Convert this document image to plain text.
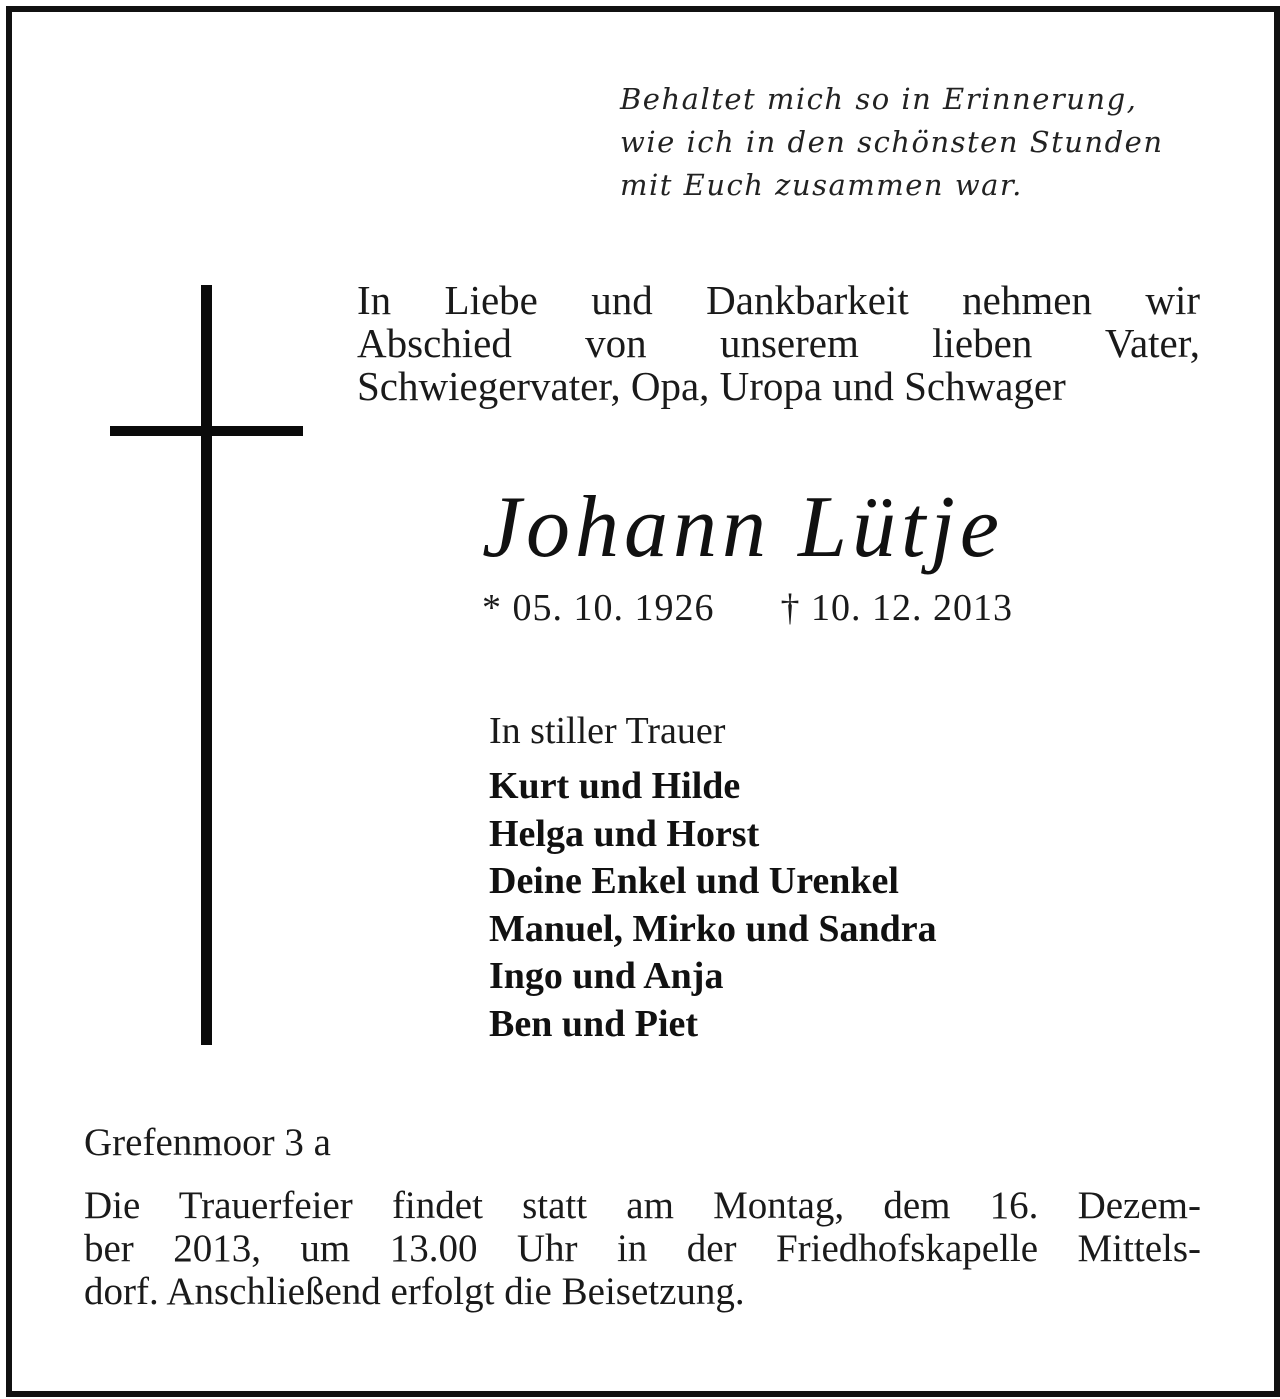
Behaltet mich so in Erinnerung,
wie ich in den schönsten Stunden
mit Euch zusammen war.
In Liebe und Dankbarkeit nehmen wir
Abschied von unserem lieben Vater,
Schwiegervater, Opa, Uropa und Schwager
Johann Lütje
* 05. 10. 1926 † 10. 12. 2013
In stiller Trauer
Kurt und Hilde
Helga und Horst
Deine Enkel und Urenkel
Manuel, Mirko und Sandra
Ingo und Anja
Ben und Piet
Grefenmoor 3 a
Die Trauerfeier findet statt am Montag, dem 16. Dezem-
ber 2013, um 13.00 Uhr in der Friedhofskapelle Mittels-
dorf. Anschließend erfolgt die Beisetzung.
